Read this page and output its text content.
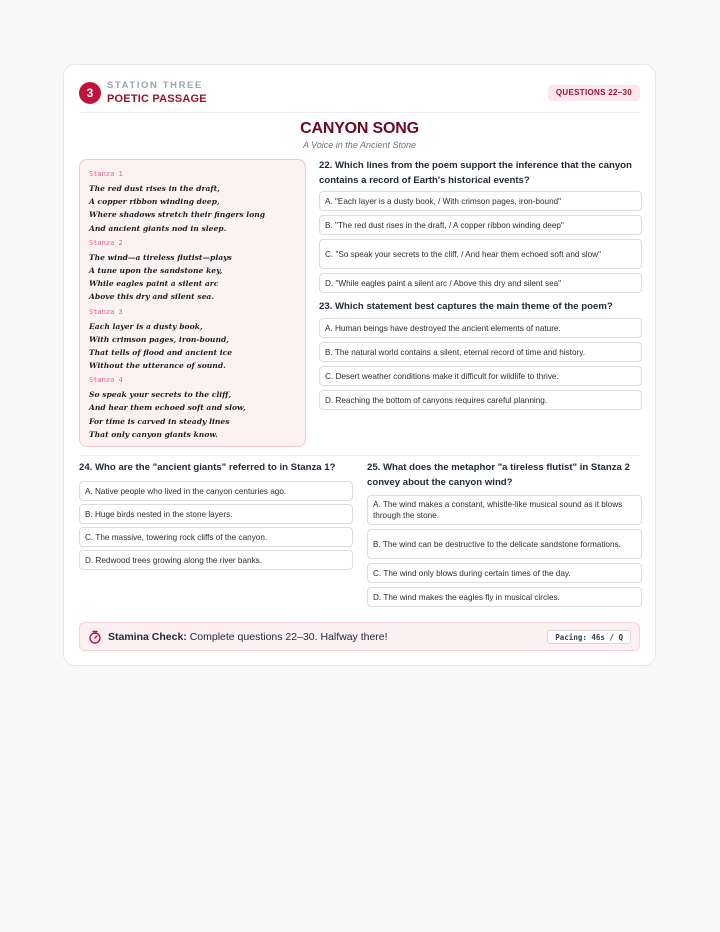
3
STATION THREE
POETIC PASSAGE
QUESTIONS 22–30
CANYON SONG
A Voice in the Ancient Stone
Stanza 1
The red dust rises in the draft,
A copper ribbon winding deep,
Where shadows stretch their fingers long
And ancient giants nod in sleep.
Stanza 2
The wind—a tireless flutist—plays
A tune upon the sandstone key,
While eagles paint a silent arc
Above this dry and silent sea.
Stanza 3
Each layer is a dusty book,
With crimson pages, iron-bound,
That tells of flood and ancient ice
Without the utterance of sound.
Stanza 4
So speak your secrets to the cliff,
And hear them echoed soft and slow,
For time is carved in steady lines
That only canyon giants know.
22. Which lines from the poem support the inference that the canyon contains a record of Earth's historical events?
A. "Each layer is a dusty book, / With crimson pages, iron-bound"
B. "The red dust rises in the draft, / A copper ribbon winding deep"
C. "So speak your secrets to the cliff, / And hear them echoed soft and slow"
D. "While eagles paint a silent arc / Above this dry and silent sea"
23. Which statement best captures the main theme of the poem?
A. Human beings have destroyed the ancient elements of nature.
B. The natural world contains a silent, eternal record of time and history.
C. Desert weather conditions make it difficult for wildlife to thrive.
D. Reaching the bottom of canyons requires careful planning.
24. Who are the "ancient giants" referred to in Stanza 1?
A. Native people who lived in the canyon centuries ago.
B. Huge birds nested in the stone layers.
C. The massive, towering rock cliffs of the canyon.
D. Redwood trees growing along the river banks.
25. What does the metaphor "a tireless flutist" in Stanza 2 convey about the canyon wind?
A. The wind makes a constant, whistle-like musical sound as it blows through the stone.
B. The wind can be destructive to the delicate sandstone formations.
C. The wind only blows during certain times of the day.
D. The wind makes the eagles fly in musical circles.
Stamina Check: Complete questions 22–30. Halfway there!	Pacing: 46s / Q
